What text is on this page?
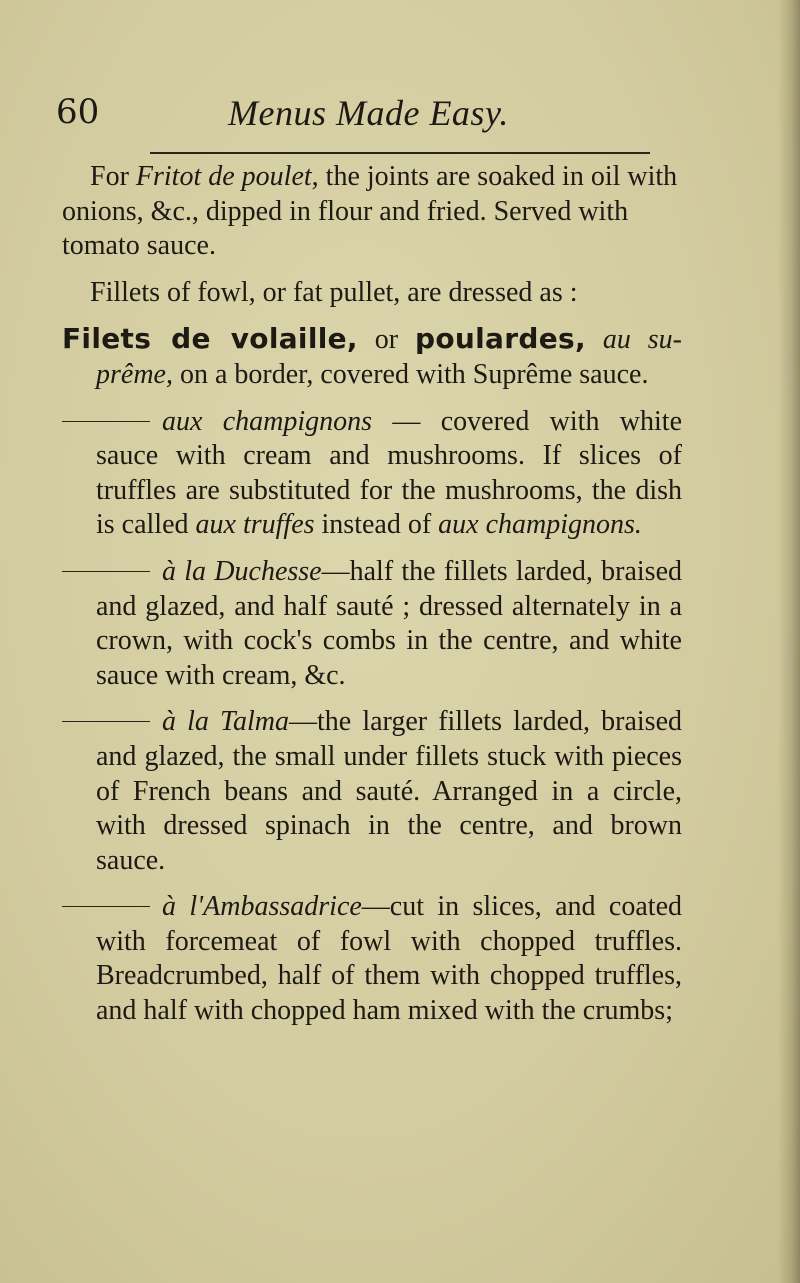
60	Menus Made Easy.

For Fritot de poulet, the joints are soaked in oil with onions, &c., dipped in flour and fried. Served with tomato sauce.

Fillets of fowl, or fat pullet, are dressed as :

Filets de volaille, or poulardes, au su-prême, on a border, covered with Suprême sauce.

aux champignons — covered with white sauce with cream and mushrooms. If slices of truffles are substituted for the mushrooms, the dish is called aux truffes instead of aux champignons.

à la Duchesse—half the fillets larded, braised and glazed, and half sauté ; dressed alternately in a crown, with cock's combs in the centre, and white sauce with cream, &c.

à la Talma—the larger fillets larded, braised and glazed, the small under fillets stuck with pieces of French beans and sauté. Arranged in a circle, with dressed spinach in the centre, and brown sauce.

à l'Ambassadrice—cut in slices, and coated with forcemeat of fowl with chopped truffles. Breadcrumbed, half of them with chopped truffles, and half with chopped ham mixed with the crumbs;
